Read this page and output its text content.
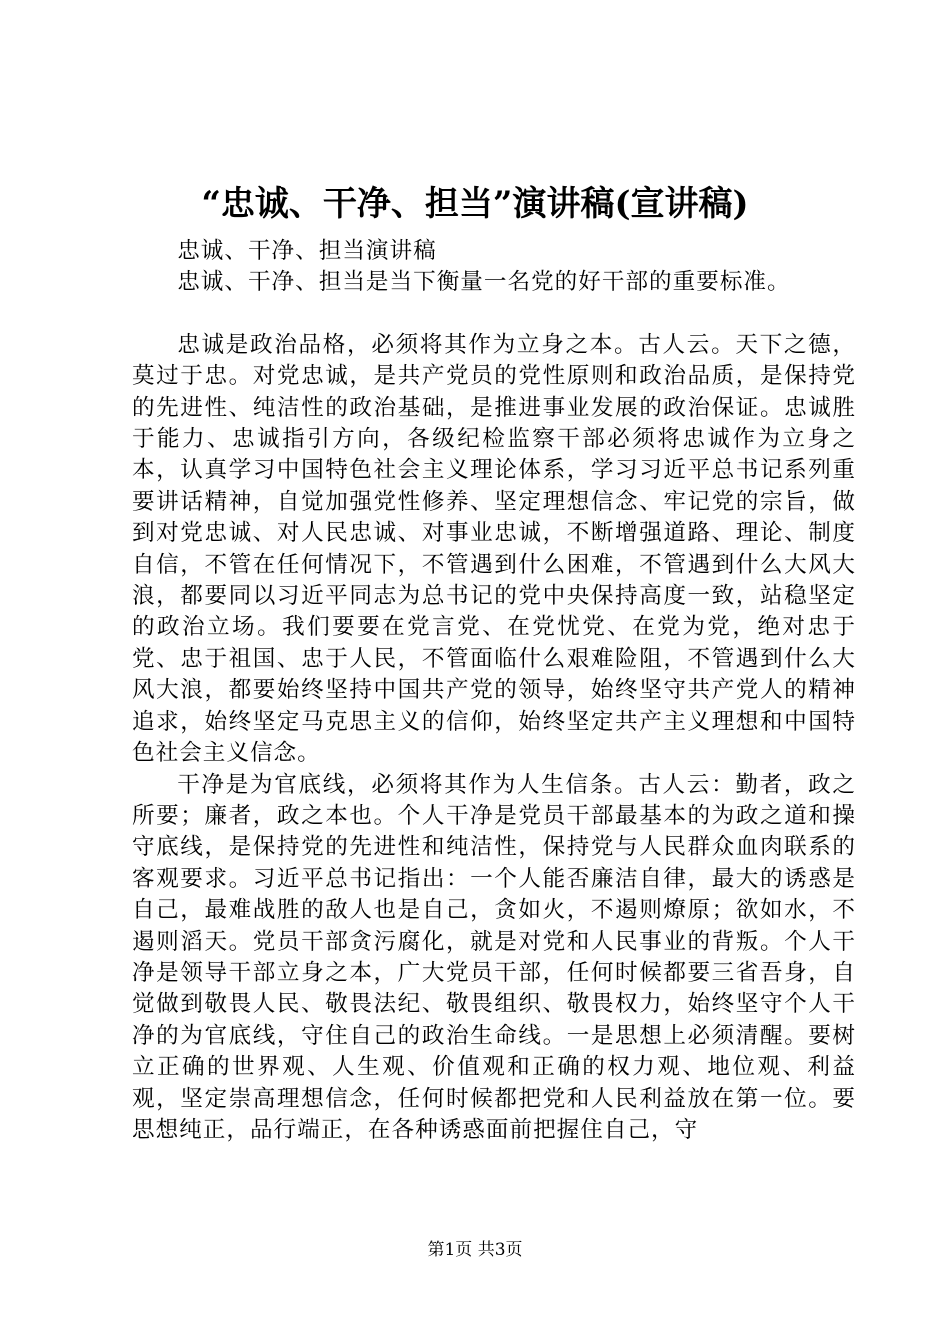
“忠诚、干净、担当”演讲稿(宣讲稿)

忠诚、干净、担当演讲稿

忠诚、干净、担当是当下衡量一名党的好干部的重要标准。

忠诚是政治品格，必须将其作为立身之本。古人云。天下之德，莫过于忠。对党忠诚，是共产党员的党性原则和政治品质，是保持党的先进性、纯洁性的政治基础，是推进事业发展的政治保证。忠诚胜于能力、忠诚指引方向，各级纪检监察干部必须将忠诚作为立身之本，认真学习中国特色社会主义理论体系，学习习近平总书记系列重要讲话精神，自觉加强党性修养、坚定理想信念、牢记党的宗旨，做到对党忠诚、对人民忠诚、对事业忠诚，不断增强道路、理论、制度自信，不管在任何情况下，不管遇到什么困难，不管遇到什么大风大浪，都要同以习近平同志为总书记的党中央保持高度一致，站稳坚定的政治立场。我们要要在党言党、在党忧党、在党为党，绝对忠于党、忠于祖国、忠于人民，不管面临什么艰难险阻，不管遇到什么大风大浪，都要始终坚持中国共产党的领导，始终坚守共产党人的精神追求，始终坚定马克思主义的信仰，始终坚定共产主义理想和中国特色社会主义信念。

干净是为官底线，必须将其作为人生信条。古人云：勤者，政之所要；廉者，政之本也。个人干净是党员干部最基本的为政之道和操守底线，是保持党的先进性和纯洁性，保持党与人民群众血肉联系的客观要求。习近平总书记指出：一个人能否廉洁自律，最大的诱惑是自己，最难战胜的敌人也是自己，贪如火，不遏则燎原；欲如水，不遏则滔天。党员干部贪污腐化，就是对党和人民事业的背叛。个人干净是领导干部立身之本，广大党员干部，任何时候都要三省吾身，自觉做到敬畏人民、敬畏法纪、敬畏组织、敬畏权力，始终坚守个人干净的为官底线，守住自己的政治生命线。一是思想上必须清醒。要树立正确的世界观、人生观、价值观和正确的权力观、地位观、利益观，坚定崇高理想信念，任何时候都把党和人民利益放在第一位。要思想纯正，品行端正，在各种诱惑面前把握住自己，守

第1页 共3页
